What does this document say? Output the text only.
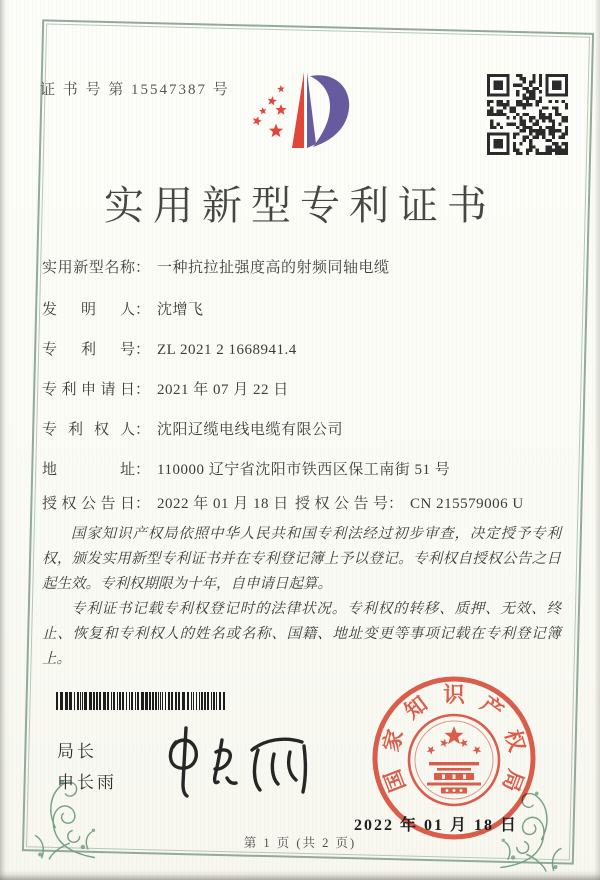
证 书 号 第 15547387 号
实用新型专利证书
实用新型名称： 一种抗拉扯强度高的射频同轴电缆
发明人： 沈增飞
专利号： ZL 2021 2 1668941.4
专利申请日： 2021 年 07 月 22 日
专利权人： 沈阳辽缆电线电缆有限公司
地址： 110000 辽宁省沈阳市铁西区保工南街 51 号
授权公告日： 2022 年 01 月 18 日 授权公告号： CN 215579006 U

国家知识产权局依照中华人民共和国专利法经过初步审查，决定授予专利权，颁发实用新型专利证书并在专利登记簿上予以登记。专利权自授权公告之日起生效。专利权期限为十年，自申请日起算。

专利证书记载专利权登记时的法律状况。专利权的转移、质押、无效、终止、恢复和专利权人的姓名或名称、国籍、地址变更等事项记载在专利登记簿上。

局长
申长雨	国
家
知 识 产
权
局
2022 年 01 月 18 日
第 1 页 (共 2 页)
